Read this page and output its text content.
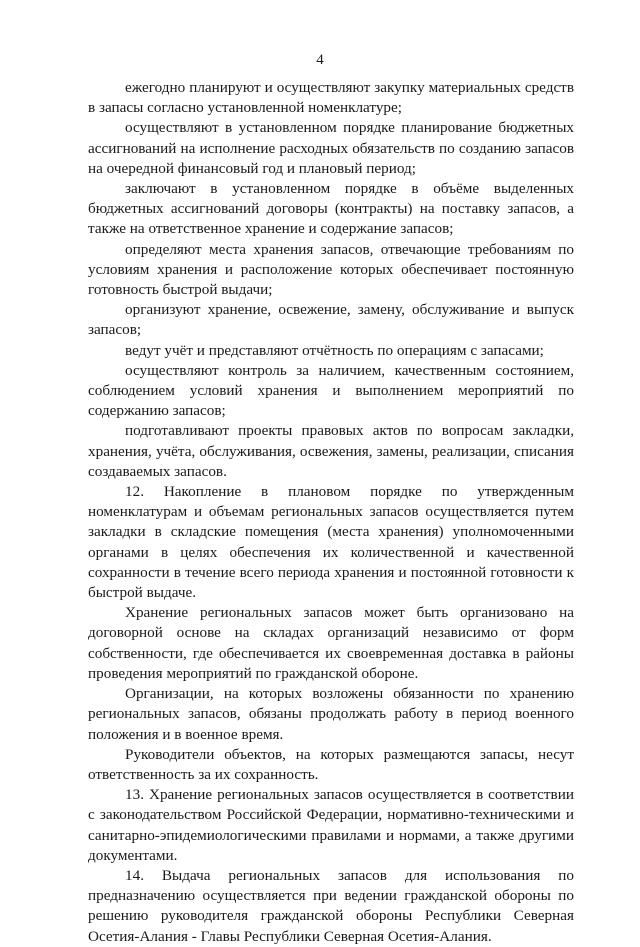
4

ежегодно планируют и осуществляют закупку материальных средств в запасы согласно установленной номенклатуре;

осуществляют в установленном порядке планирование бюджетных ассигнований на исполнение расходных обязательств по созданию запасов на очередной финансовый год и плановый период;

заключают в установленном порядке в объёме выделенных бюджетных ассигнований договоры (контракты) на поставку запасов, а также на ответственное хранение и содержание запасов;

определяют места хранения запасов, отвечающие требованиям по условиям хранения и расположение которых обеспечивает постоянную готовность быстрой выдачи;

организуют хранение, освежение, замену, обслуживание и выпуск запасов;

ведут учёт и представляют отчётность по операциям с запасами;

осуществляют контроль за наличием, качественным состоянием, соблюдением условий хранения и выполнением мероприятий по содержанию запасов;

подготавливают проекты правовых актов по вопросам закладки, хранения, учёта, обслуживания, освежения, замены, реализации, списания создаваемых запасов.

12. Накопление в плановом порядке по утвержденным номенклатурам и объемам региональных запасов осуществляется путем закладки в складские помещения (места хранения) уполномоченными органами в целях обеспечения их количественной и качественной сохранности в течение всего периода хранения и постоянной готовности к быстрой выдаче.

Хранение региональных запасов может быть организовано на договорной основе на складах организаций независимо от форм собственности, где обеспечивается их своевременная доставка в районы проведения мероприятий по гражданской обороне.

Организации, на которых возложены обязанности по хранению региональных запасов, обязаны продолжать работу в период военного положения и в военное время.

Руководители объектов, на которых размещаются запасы, несут ответственность за их сохранность.

13. Хранение региональных запасов осуществляется в соответствии с законодательством Российской Федерации, нормативно-техническими и санитарно-эпидемиологическими правилами и нормами, а также другими документами.

14. Выдача региональных запасов для использования по предназначению осуществляется при ведении гражданской обороны по решению руководителя гражданской обороны Республики Северная Осетия-Алания - Главы Республики Северная Осетия-Алания.
